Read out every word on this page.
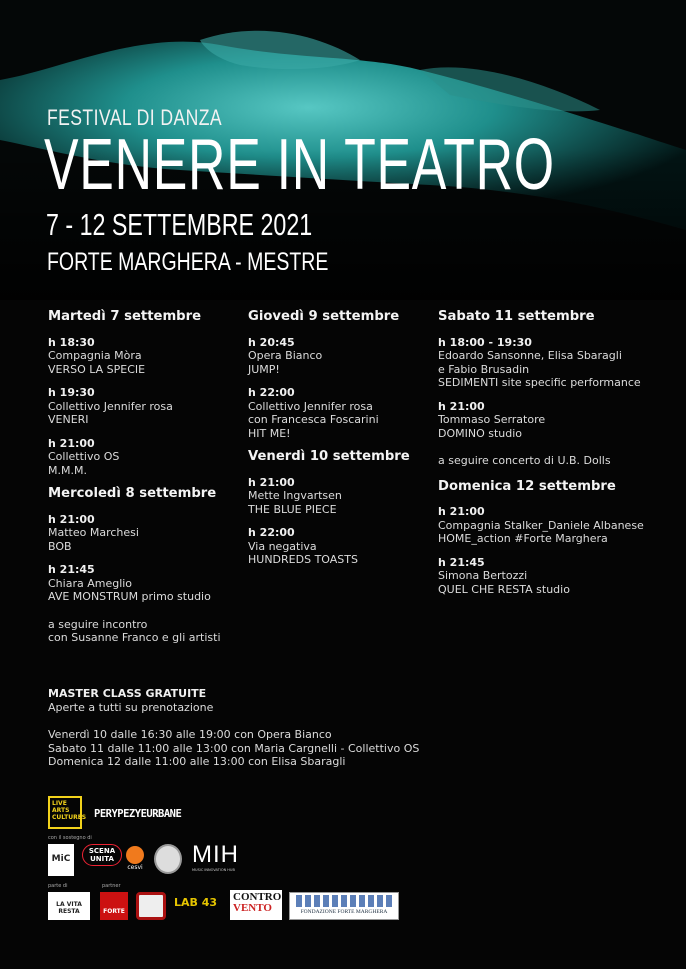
FESTIVAL DI DANZA
VENERE IN TEATRO
7 - 12 SETTEMBRE 2021
FORTE MARGHERA - MESTRE
Martedì 7 settembre
h 18:30
Compagnia Mòra
VERSO LA SPECIE
h 19:30
Collettivo Jennifer rosa
VENERI
h 21:00
Collettivo OS
M.M.M.
Mercoledì 8 settembre
h 21:00
Matteo Marchesi
BOB
h 21:45
Chiara Ameglio
AVE MONSTRUM primo studio
a seguire incontro
con Susanne Franco e gli artisti
Giovedì 9 settembre
h 20:45
Opera Bianco
JUMP!
h 22:00
Collettivo Jennifer rosa
con Francesca Foscarini
HIT ME!
Venerdì 10 settembre
h 21:00
Mette Ingvartsen
THE BLUE PIECE
h 22:00
Via negativa
HUNDREDS TOASTS
Sabato 11 settembre
h 18:00 - 19:30
Edoardo Sansonne, Elisa Sbaragli
e Fabio Brusadin
SEDIMENTI site specific performance
h 21:00
Tommaso Serratore
DOMINO studio
a seguire concerto di U.B. Dolls
Domenica 12 settembre
h 21:00
Compagnia Stalker_Daniele Albanese
HOME_action #Forte Marghera
h 21:45
Simona Bertozzi
QUEL CHE RESTA studio
MASTER CLASS GRATUITE
Aperte a tutti su prenotazione
Venerdì 10 dalle 16:30 alle 19:00 con Opera Bianco
Sabato 11 dalle 11:00 alle 13:00 con Maria Cargnelli - Collettivo OS
Domenica 12 dalle 11:00 alle 13:00 con Elisa Sbaragli
LIVE ARTS CULTURES PERYPEZYEURBANE
con il sostegno di
MiC
SCENA UNITA
cesvi MIH
MUSIC INNOVATION HUB
parte di	partner
LA VITA RESTA	FORTE
LAB 43 CONTRO
VENTO	FONDAZIONE FORTE MARGHERA
